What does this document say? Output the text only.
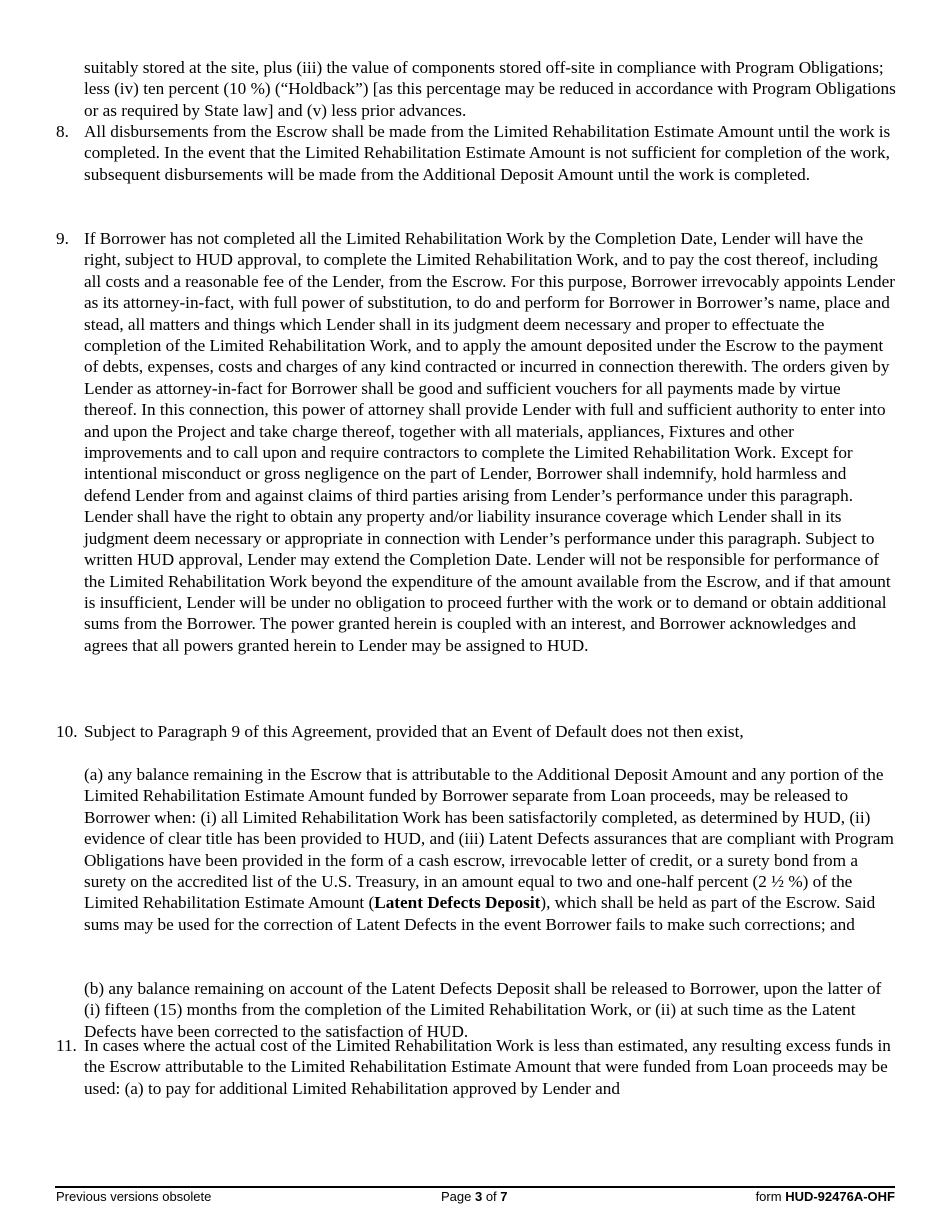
suitably stored at the site, plus (iii) the value of components stored off-site in compliance with Program Obligations; less (iv) ten percent (10 %) (“Holdback”) [as this percentage may be reduced in accordance with Program Obligations or as required by State law] and (v) less prior advances.

8. All disbursements from the Escrow shall be made from the Limited Rehabilitation Estimate Amount until the work is completed. In the event that the Limited Rehabilitation Estimate Amount is not sufficient for completion of the work, subsequent disbursements will be made from the Additional Deposit Amount until the work is completed.

9. If Borrower has not completed all the Limited Rehabilitation Work by the Completion Date, Lender will have the right, subject to HUD approval, to complete the Limited Rehabilitation Work, and to pay the cost thereof, including all costs and a reasonable fee of the Lender, from the Escrow. For this purpose, Borrower irrevocably appoints Lender as its attorney-in-fact, with full power of substitution, to do and perform for Borrower in Borrower’s name, place and stead, all matters and things which Lender shall in its judgment deem necessary and proper to effectuate the completion of the Limited Rehabilitation Work, and to apply the amount deposited under the Escrow to the payment of debts, expenses, costs and charges of any kind contracted or incurred in connection therewith. The orders given by Lender as attorney-in-fact for Borrower shall be good and sufficient vouchers for all payments made by virtue thereof. In this connection, this power of attorney shall provide Lender with full and sufficient authority to enter into and upon the Project and take charge thereof, together with all materials, appliances, Fixtures and other improvements and to call upon and require contractors to complete the Limited Rehabilitation Work. Except for intentional misconduct or gross negligence on the part of Lender, Borrower shall indemnify, hold harmless and defend Lender from and against claims of third parties arising from Lender’s performance under this paragraph. Lender shall have the right to obtain any property and/or liability insurance coverage which Lender shall in its judgment deem necessary or appropriate in connection with Lender’s performance under this paragraph. Subject to written HUD approval, Lender may extend the Completion Date. Lender will not be responsible for performance of the Limited Rehabilitation Work beyond the expenditure of the amount available from the Escrow, and if that amount is insufficient, Lender will be under no obligation to proceed further with the work or to demand or obtain additional sums from the Borrower. The power granted herein is coupled with an interest, and Borrower acknowledges and agrees that all powers granted herein to Lender may be assigned to HUD.

10. Subject to Paragraph 9 of this Agreement, provided that an Event of Default does not then exist,

(a) any balance remaining in the Escrow that is attributable to the Additional Deposit Amount and any portion of the Limited Rehabilitation Estimate Amount funded by Borrower separate from Loan proceeds, may be released to Borrower when: (i) all Limited Rehabilitation Work has been satisfactorily completed, as determined by HUD, (ii) evidence of clear title has been provided to HUD, and (iii) Latent Defects assurances that are compliant with Program Obligations have been provided in the form of a cash escrow, irrevocable letter of credit, or a surety bond from a surety on the accredited list of the U.S. Treasury, in an amount equal to two and one-half percent (2 ½ %) of the Limited Rehabilitation Estimate Amount (Latent Defects Deposit), which shall be held as part of the Escrow. Said sums may be used for the correction of Latent Defects in the event Borrower fails to make such corrections; and

(b) any balance remaining on account of the Latent Defects Deposit shall be released to Borrower, upon the latter of (i) fifteen (15) months from the completion of the Limited Rehabilitation Work, or (ii) at such time as the Latent Defects have been corrected to the satisfaction of HUD.

11. In cases where the actual cost of the Limited Rehabilitation Work is less than estimated, any resulting excess funds in the Escrow attributable to the Limited Rehabilitation Estimate Amount that were funded from Loan proceeds may be used: (a) to pay for additional Limited Rehabilitation approved by Lender and

Previous versions obsolete	Page 3 of 7	form HUD-92476A-OHF
